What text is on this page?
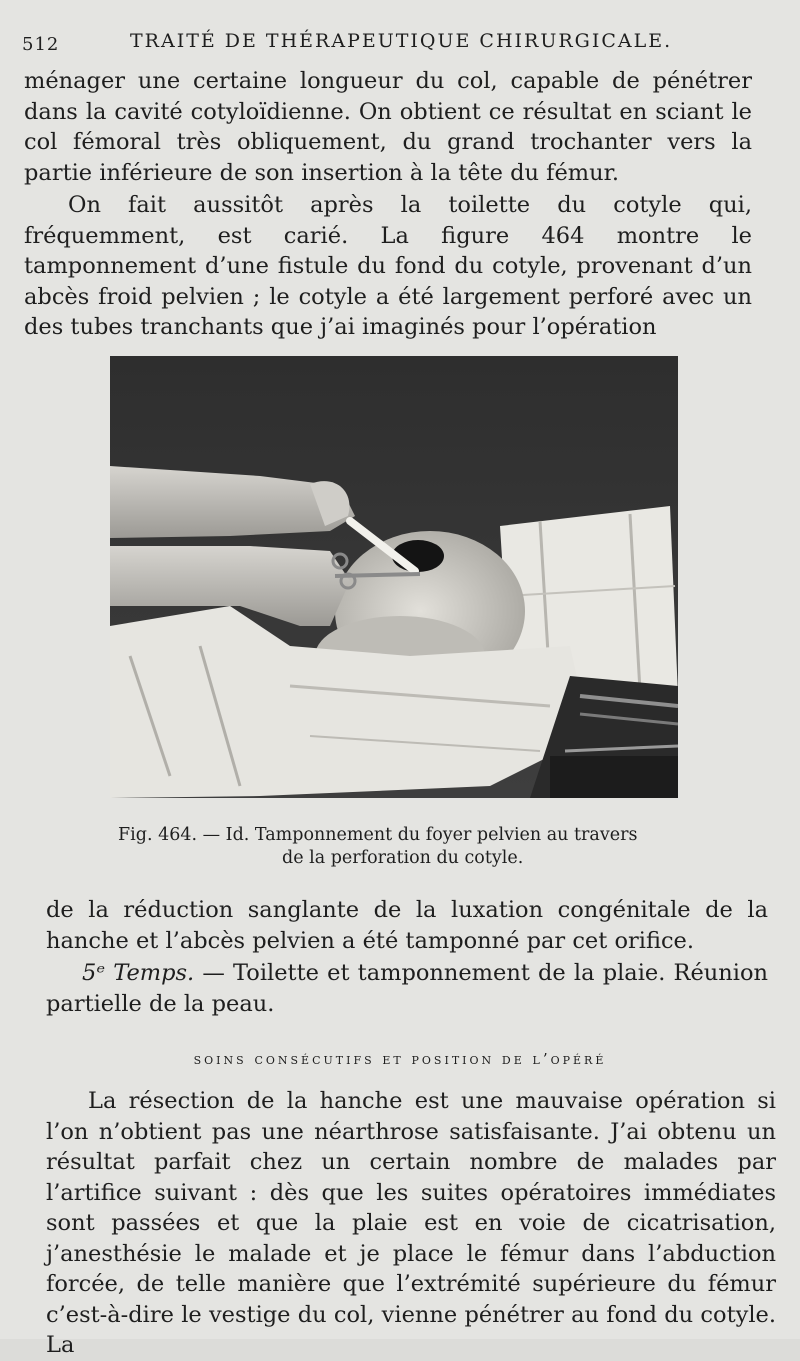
512	TRAITÉ DE THÉRAPEUTIQUE CHIRURGICALE.

ménager une certaine longueur du col, capable de pénétrer dans la cavité cotyloïdienne. On obtient ce résultat en sciant le col fémoral très obliquement, du grand trochanter vers la partie inférieure de son insertion à la tête du fémur.

On fait aussitôt après la toilette du cotyle qui, fréquemment, est carié. La figure 464 montre le tamponnement d’une fistule du fond du cotyle, provenant d’un abcès froid pelvien ; le cotyle a été largement perforé avec un des tubes tranchants que j’ai imaginés pour l’opération

Fig. 464. — Id. Tamponnement du foyer pelvien au travers
de la perforation du cotyle.

de la réduction sanglante de la luxation congénitale de la hanche et l’abcès pelvien a été tamponné par cet orifice.

5ᵉ Temps. — Toilette et tamponnement de la plaie. Réunion partielle de la peau.

soins consécutifs et position de l’opéré

La résection de la hanche est une mauvaise opération si l’on n’obtient pas une néarthrose satisfaisante. J’ai obtenu un résultat parfait chez un certain nombre de malades par l’artifice suivant : dès que les suites opératoires immédiates sont passées et que la plaie est en voie de cicatrisation, j’anesthésie le malade et je place le fémur dans l’abduction forcée, de telle manière que l’extrémité supérieure du fémur c’est-à-dire le vestige du col, vienne pénétrer au fond du cotyle. La
